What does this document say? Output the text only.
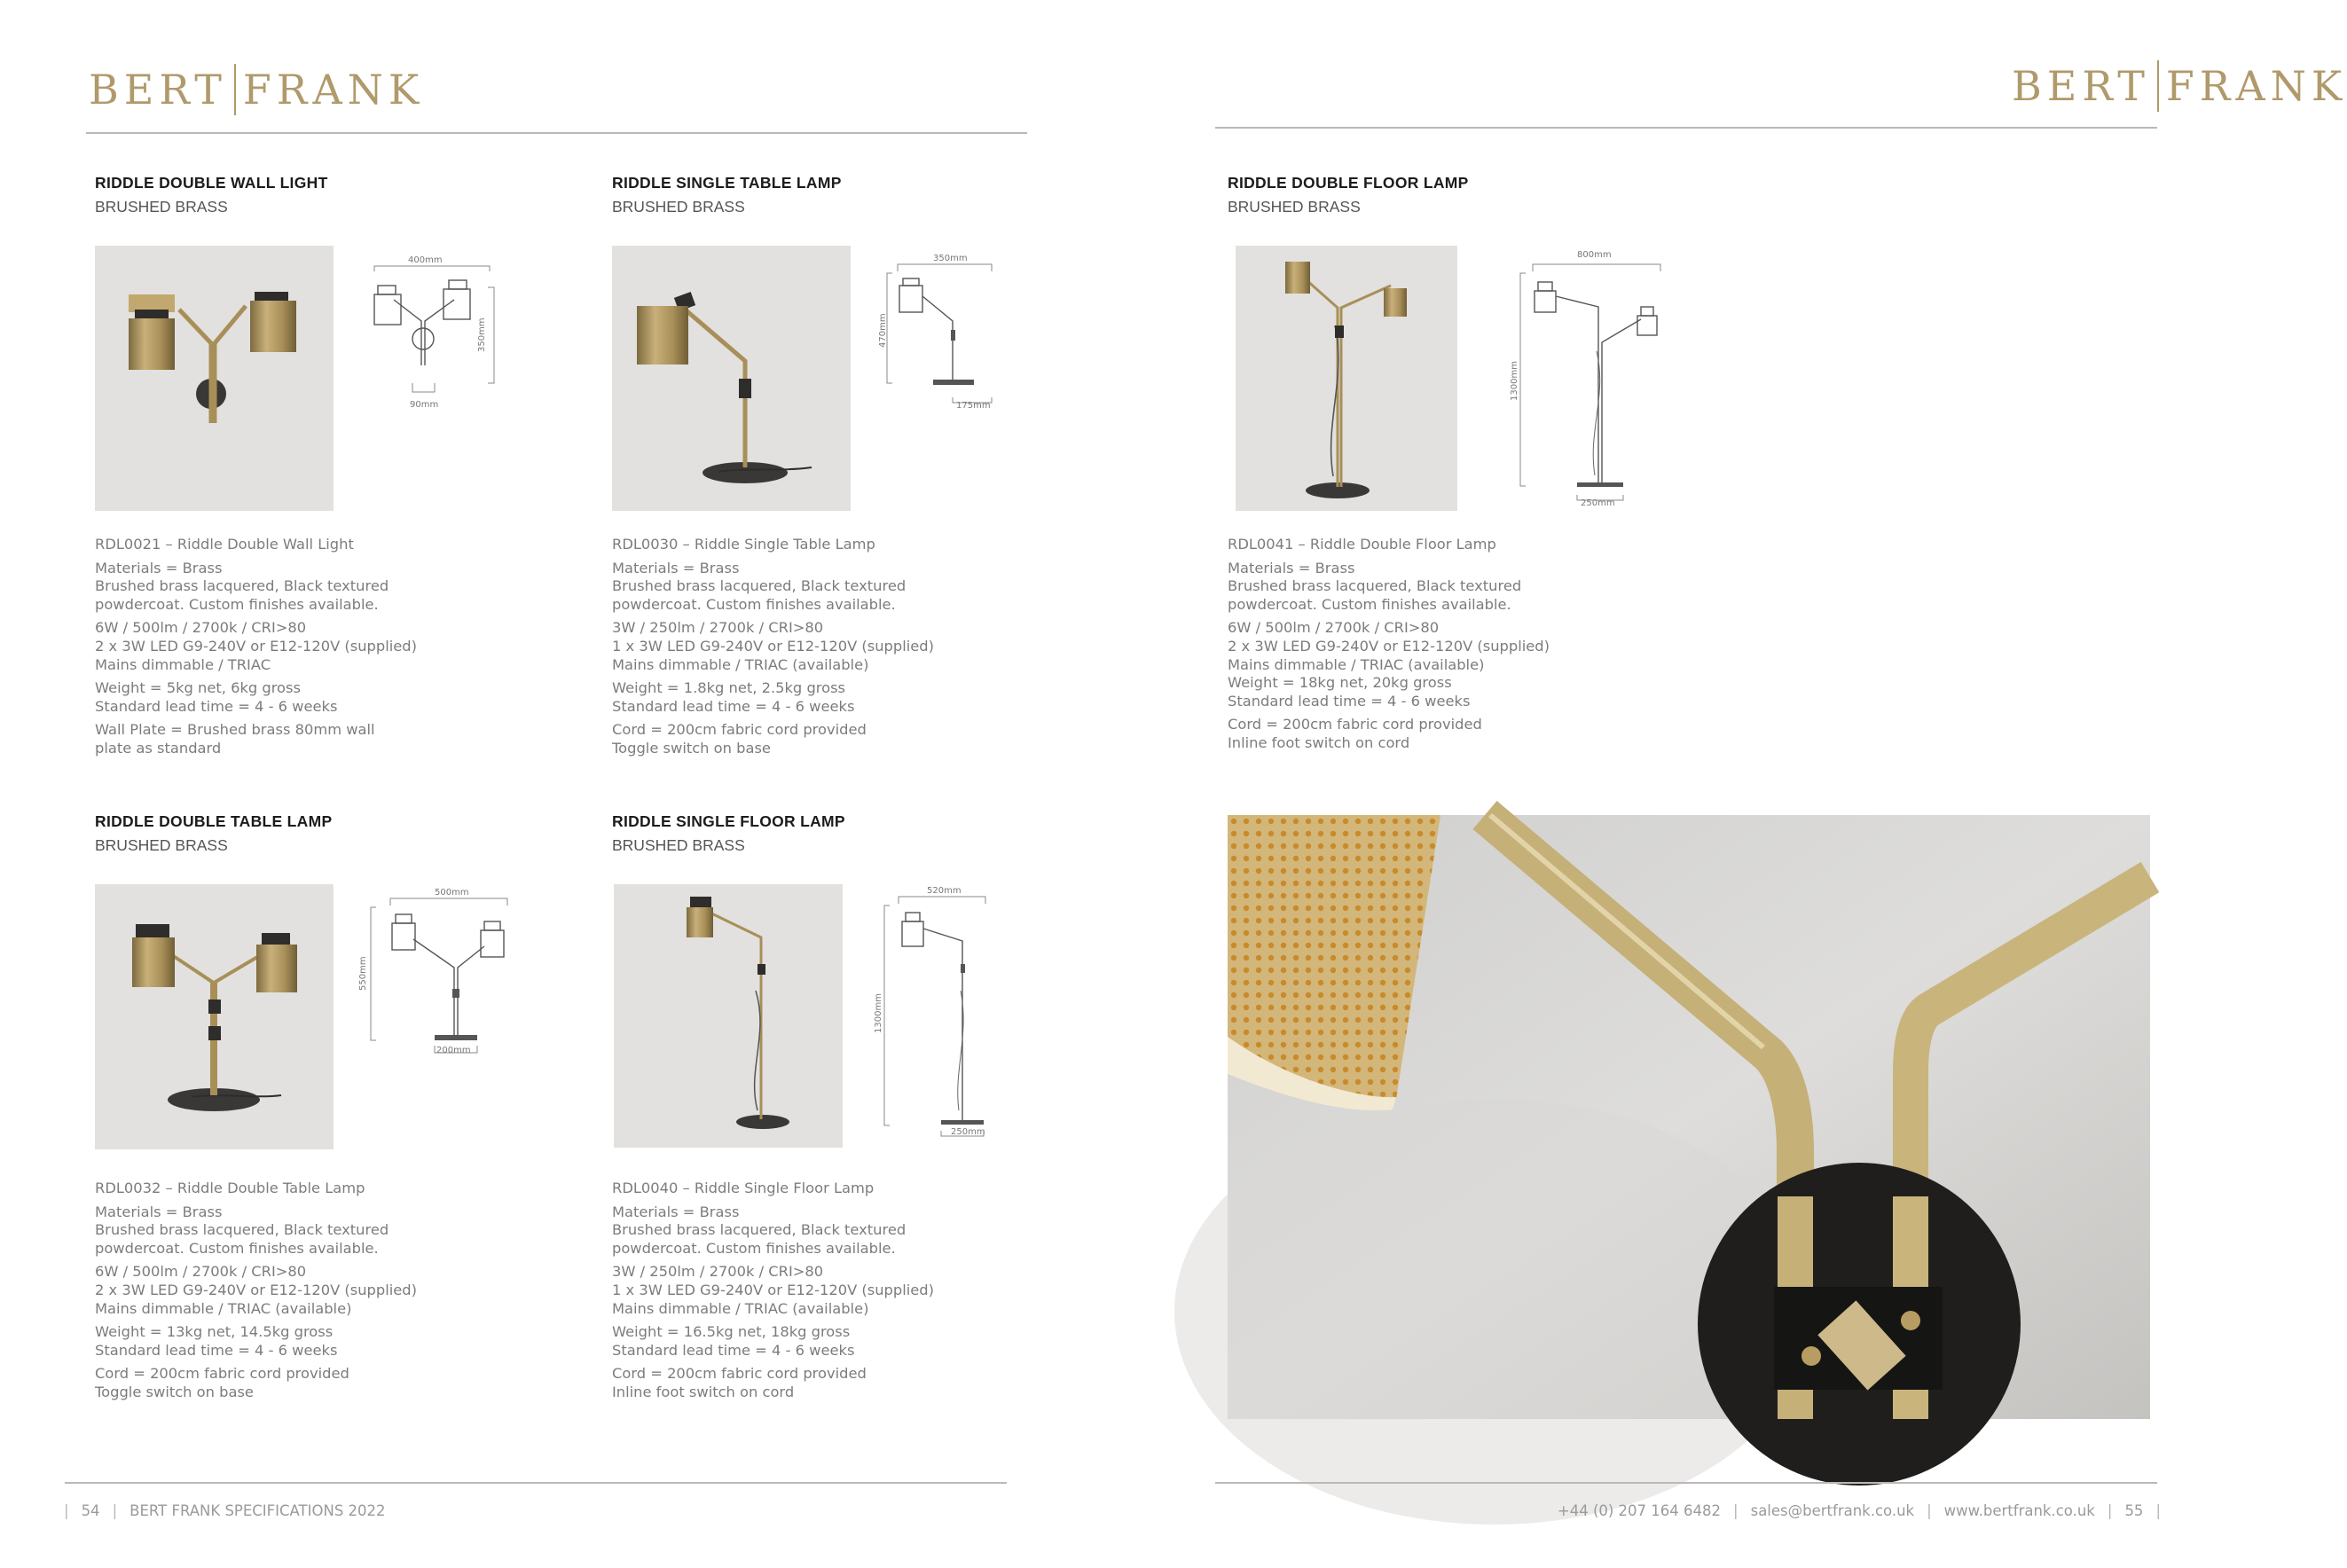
BERT FRANK	BERT FRANK
RIDDLE DOUBLE WALL LIGHT
BRUSHED BRASS
400mm
350mm
90mm
RDL0021 – Riddle Double Wall Light
Materials = Brass
Brushed brass lacquered, Black textured
powdercoat. Custom finishes available.
6W / 500lm / 2700k / CRI>80
2 x 3W LED G9-240V or E12-120V (supplied)
Mains dimmable / TRIAC
Weight = 5kg net, 6kg gross
Standard lead time = 4 - 6 weeks
Wall Plate = Brushed brass 80mm wall
plate as standard
RIDDLE SINGLE TABLE LAMP
BRUSHED BRASS
350mm
470mm
175mm
RDL0030 – Riddle Single Table Lamp
Materials = Brass
Brushed brass lacquered, Black textured
powdercoat. Custom finishes available.
3W / 250lm / 2700k / CRI>80
1 x 3W LED G9-240V or E12-120V (supplied)
Mains dimmable / TRIAC (available)
Weight = 1.8kg net, 2.5kg gross
Standard lead time = 4 - 6 weeks
Cord = 200cm fabric cord provided
Toggle switch on base
RIDDLE DOUBLE FLOOR LAMP
BRUSHED BRASS
800mm
1300mm
250mm
RDL0041 – Riddle Double Floor Lamp
Materials = Brass
Brushed brass lacquered, Black textured
powdercoat. Custom finishes available.
6W / 500lm / 2700k / CRI>80
2 x 3W LED G9-240V or E12-120V (supplied)
Mains dimmable / TRIAC (available)
Weight = 18kg net, 20kg gross
Standard lead time = 4 - 6 weeks
Cord = 200cm fabric cord provided
Inline foot switch on cord
RIDDLE DOUBLE TABLE LAMP
BRUSHED BRASS
500mm
550mm
200mm
RDL0032 – Riddle Double Table Lamp
Materials = Brass
Brushed brass lacquered, Black textured
powdercoat. Custom finishes available.
6W / 500lm / 2700k / CRI>80
2 x 3W LED G9-240V or E12-120V (supplied)
Mains dimmable / TRIAC (available)
Weight = 13kg net, 14.5kg gross
Standard lead time = 4 - 6 weeks
Cord = 200cm fabric cord provided
Toggle switch on base
RIDDLE SINGLE FLOOR LAMP
BRUSHED BRASS
520mm
1300mm
250mm
RDL0040 – Riddle Single Floor Lamp
Materials = Brass
Brushed brass lacquered, Black textured
powdercoat. Custom finishes available.
3W / 250lm / 2700k / CRI>80
1 x 3W LED G9-240V or E12-120V (supplied)
Mains dimmable / TRIAC (available)
Weight = 16.5kg net, 18kg gross
Standard lead time = 4 - 6 weeks
Cord = 200cm fabric cord provided
Inline foot switch on cord
| 54 | BERT FRANK SPECIFICATIONS 2022	+44 (0) 207 164 6482 | sales@bertfrank.co.uk | www.bertfrank.co.uk | 55 |
